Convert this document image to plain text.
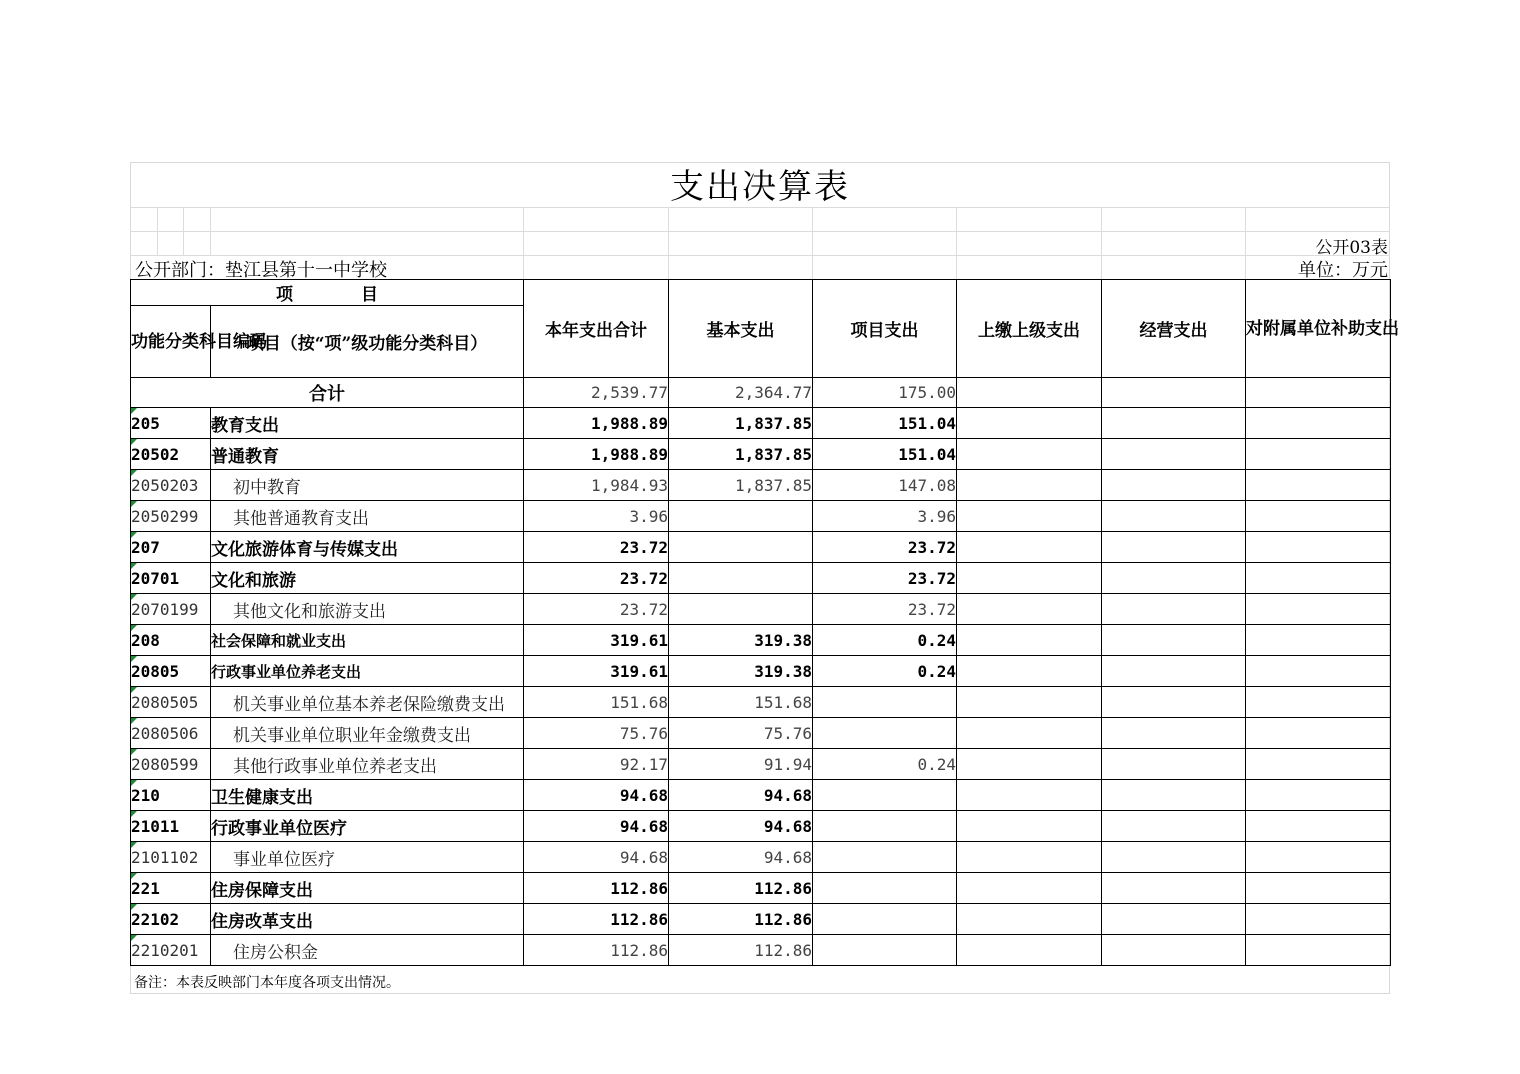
支出决算表
公开03表
公开部门：垫江县第十一中学校	单位：万元
项　　　　目		本年支出合计	基本支出	项目支出	上缴上级支出	经营支出	对附属单位补助支出
功能分类科目编码	项目（按“项”级功能分类科目）						
合计		2,539.77	2,364.77	175.00			
205	教育支出	1,988.89	1,837.85	151.04			
20502	普通教育	1,988.89	1,837.85	151.04			
2050203	初中教育	1,984.93	1,837.85	147.08			
2050299	其他普通教育支出	3.96		3.96			
207	文化旅游体育与传媒支出	23.72		23.72			
20701	文化和旅游	23.72		23.72			
2070199	其他文化和旅游支出	23.72		23.72			
208	社会保障和就业支出	319.61	319.38	0.24			
20805	行政事业单位养老支出	319.61	319.38	0.24			
2080505	机关事业单位基本养老保险缴费支出	151.68	151.68				
2080506	机关事业单位职业年金缴费支出	75.76	75.76				
2080599	其他行政事业单位养老支出	92.17	91.94	0.24			
210	卫生健康支出	94.68	94.68				
21011	行政事业单位医疗	94.68	94.68				
2101102	事业单位医疗	94.68	94.68				
221	住房保障支出	112.86	112.86				
22102	住房改革支出	112.86	112.86				
2210201	住房公积金	112.86	112.86				
备注：本表反映部门本年度各项支出情况。
